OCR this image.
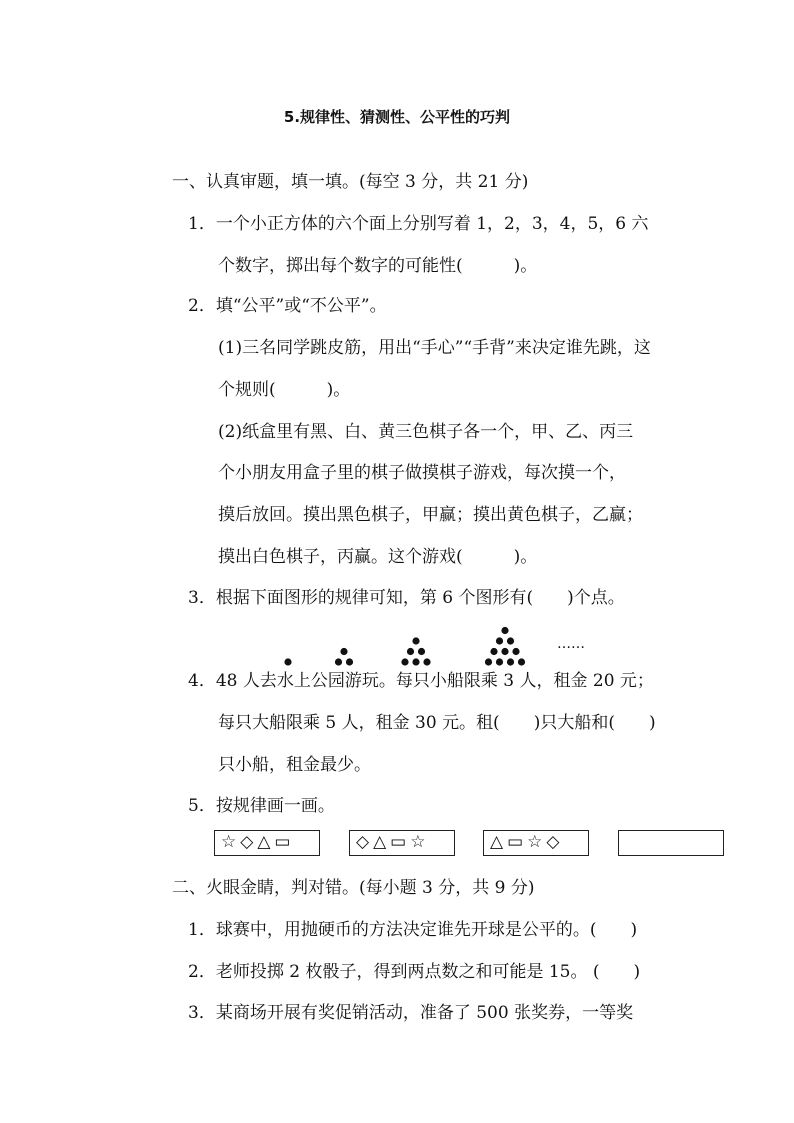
5.规律性、猜测性、公平性的巧判
一、认真审题，填一填。(每空 3 分，共 21 分)
1．一个小正方体的六个面上分别写着 1，2，3，4，5，6 六
个数字，掷出每个数字的可能性(　　　)。
2．填“公平”或“不公平”。
(1)三名同学跳皮筋，用出“手心”“手背”来决定谁先跳，这
个规则(　　　)。
(2)纸盒里有黑、白、黄三色棋子各一个，甲、乙、丙三
个小朋友用盒子里的棋子做摸棋子游戏，每次摸一个，
摸后放回。摸出黑色棋子，甲赢；摸出黄色棋子，乙赢；
摸出白色棋子，丙赢。这个游戏(　　　)。
3．根据下面图形的规律可知，第 6 个图形有(　　)个点。
……
4．48 人去水上公园游玩。每只小船限乘 3 人，租金 20 元；
每只大船限乘 5 人，租金 30 元。租(　　)只大船和(　　)
只小船，租金最少。
5．按规律画一画。
☆◇△▭	◇△▭☆	△▭☆◇
二、火眼金睛，判对错。(每小题 3 分，共 9 分)
1．球赛中，用抛硬币的方法决定谁先开球是公平的。(　　)
2．老师投掷 2 枚骰子，得到两点数之和可能是 15。 (　　)
3．某商场开展有奖促销活动，准备了 500 张奖券，一等奖
